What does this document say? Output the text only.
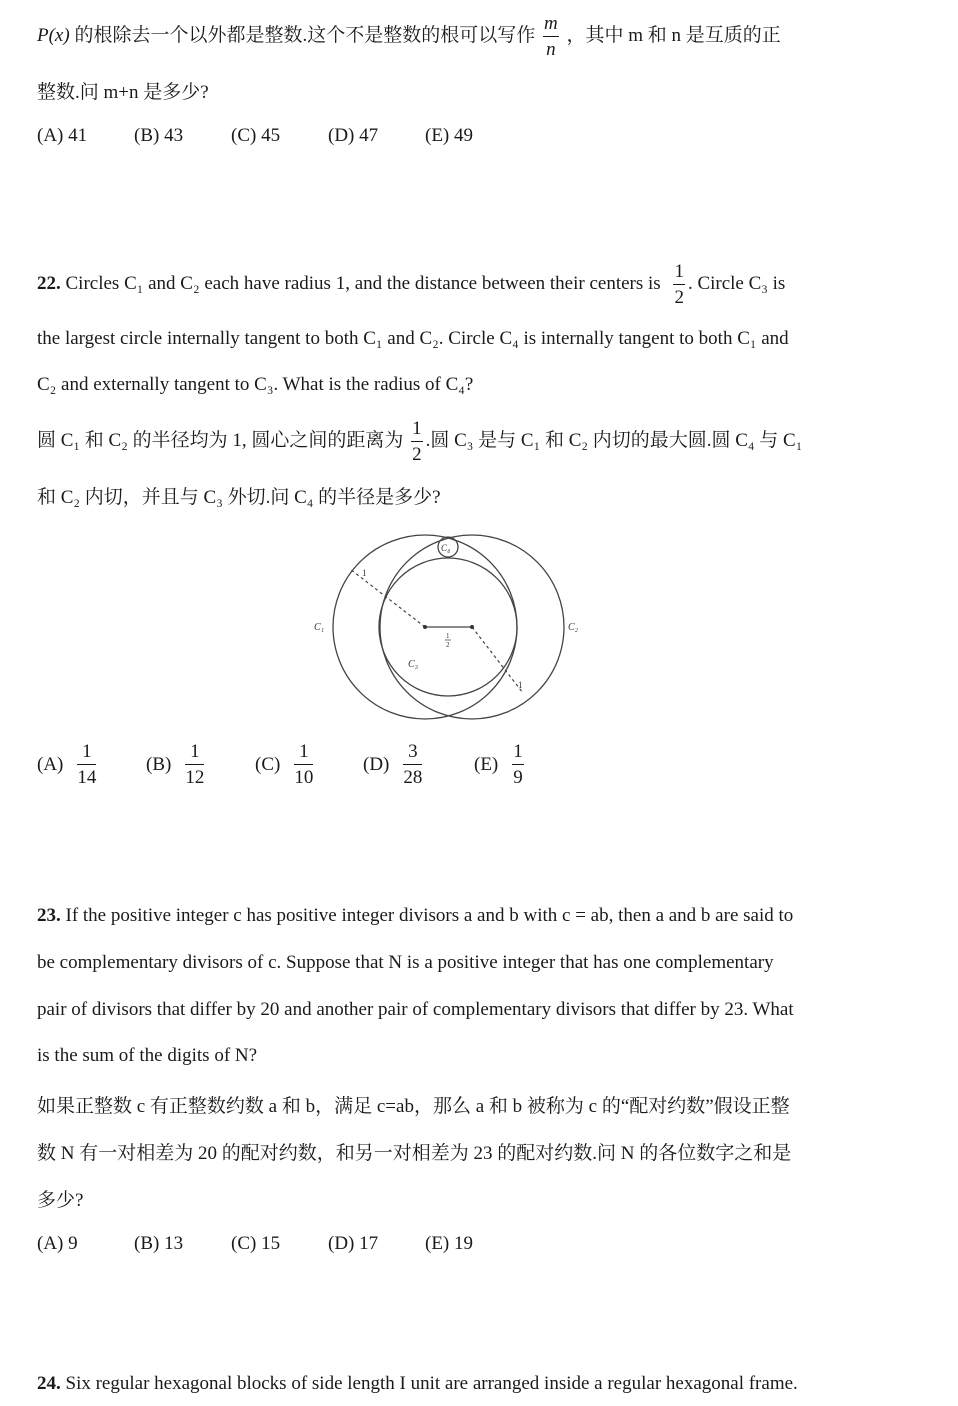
P(x) 的根除去一个以外都是整数.这个不是整数的根可以写作 $\frac{m}{n}$ ，其中 m 和 n 是互质的正
整数.问 m+n 是多少?
(A) 41	(B) 43	(C) 45	(D) 47	(E) 49
22. Circles C₁ and C₂ each have radius 1, and the distance between their centers is $\frac{1}{2}$ . Circle C₃ is
the largest circle internally tangent to both C₁ and C₂. Circle C₄ is internally tangent to both C₁ and
C₂ and externally tangent to C₃. What is the radius of C₄?
圆 C₁ 和 C₂ 的半径均为 1, 圆心之间的距离为 $\frac{1}{2}$ .圆 C₃ 是与 C₁ 和 C₂ 内切的最大圆.圆 C₄ 与 C₁
和 C₂ 内切，并且与 C₃ 外切.问 C₄ 的半径是多少?
C₁	C₂
C₃
C₄
1
1
1
2
$(A) \frac{1}{14}$	$(B) \frac{1}{12}$	$(C) \frac{1}{10}$	$(D) \frac{3}{28}$	$(E) \frac{1}{9}$
23. If the positive integer c has positive integer divisors a and b with c = ab, then a and b are said to
be complementary divisors of c. Suppose that N is a positive integer that has one complementary
pair of divisors that differ by 20 and another pair of complementary divisors that differ by 23. What
is the sum of the digits of N?
如果正整数 c 有正整数约数 a 和 b，满足 c=ab，那么 a 和 b 被称为 c 的“配对约数”假设正整
数 N 有一对相差为 20 的配对约数，和另一对相差为 23 的配对约数.问 N 的各位数字之和是
多少?
(A) 9	(B) 13	(C) 15	(D) 17	(E) 19
24. Six regular hexagonal blocks of side length I unit are arranged inside a regular hexagonal frame.
